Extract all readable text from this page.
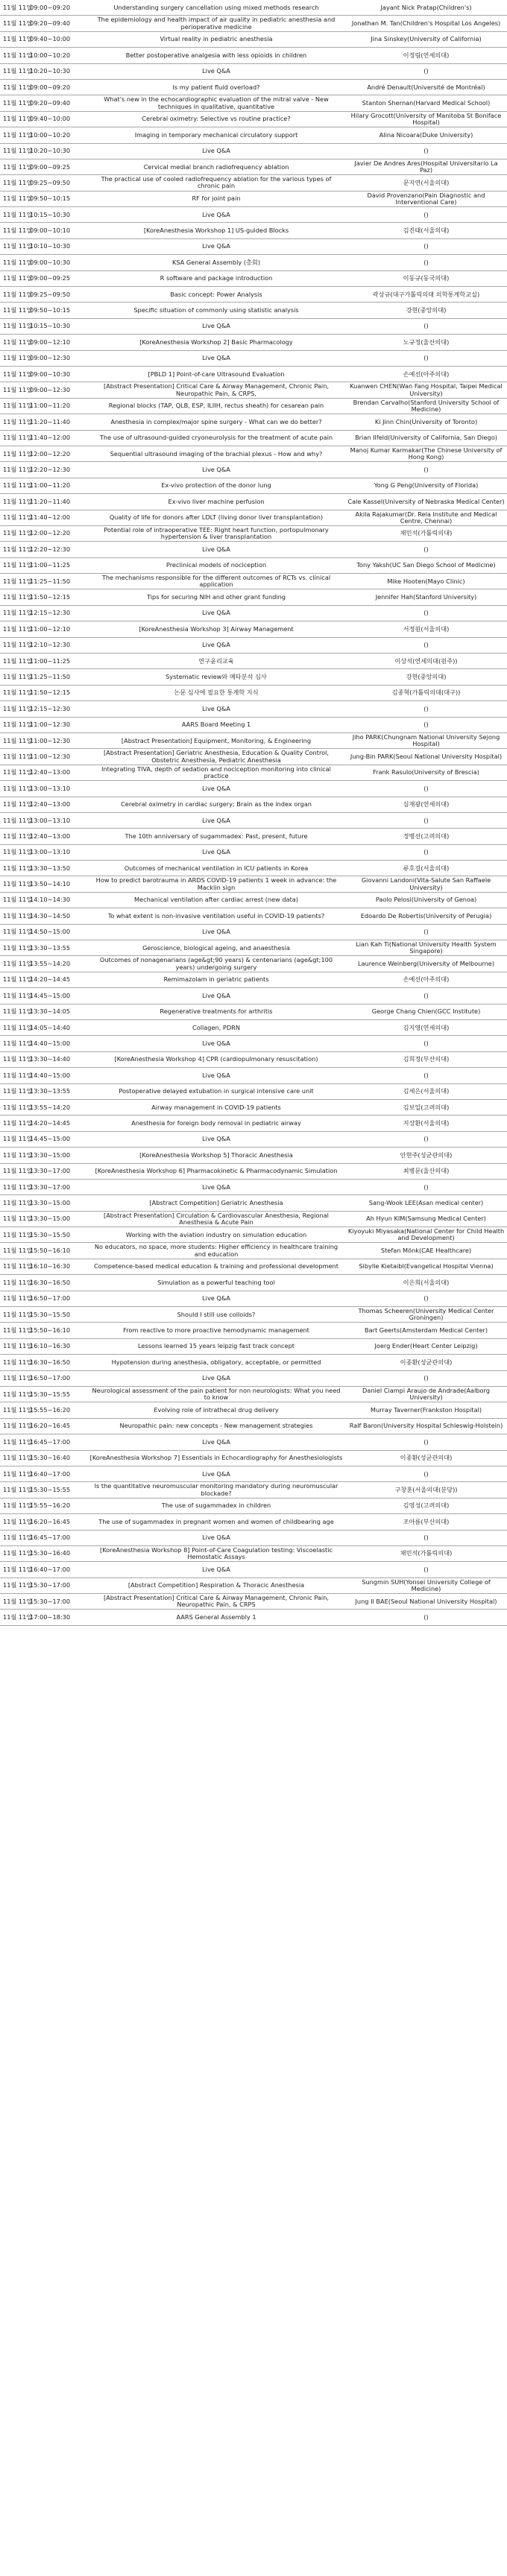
11월 11일	09:00~09:20	Understanding surgery cancellation using mixed methods research	Jayant Nick Pratap(Children's)
11월 11일	09:20~09:40	The epidemiology and health impact of air quality in pediatric anesthesia and perioperative medicine	Jonathan M. Tan(Children's Hospital Los Angeles)
11월 11일	09:40~10:00	Virtual reality in pediatric anesthesia	Jina Sinskey(University of California)
11월 11일	10:00~10:20	Better postoperative analgesia with less opioids in children	이정림(연세의대)
11월 11일	10:20~10:30	Live Q&A	()
11월 11일	09:00~09:20	Is my patient fluid overload?	André Denault(Université de Montréal)
11월 11일	09:20~09:40	What's new in the echocardiographic evaluation of the mitral valve - New techniques in qualitative, quantitative	Stanton Shernan(Harvard Medical School)
11월 11일	09:40~10:00	Cerebral oximetry: Selective vs routine practice?	Hilary Grocott(University of Manitoba St Boniface Hospital)
11월 11일	10:00~10:20	Imaging in temporary mechanical circulatory support	Alina Nicoara(Duke University)
11월 11일	10:20~10:30	Live Q&A	()
11월 11일	09:00~09:25	Cervical medial branch radiofrequency ablation	Javier De Andres Ares(Hospital Universitario La Paz)
11월 11일	09:25~09:50	The practical use of cooled radiofrequency ablation for the various types of chronic pain	문지연(서울의대)
11월 11일	09:50~10:15	RF for joint pain	David Provenzano(Pain Diagnostic and Interventional Care)
11월 11일	10:15~10:30	Live Q&A	()
11월 11일	09:00~10:10	[KoreAnesthesia Workshop 1] US-guided Blocks	김진태(서울의대)
11월 11일	10:10~10:30	Live Q&A	()
11월 11일	09:00~10:30	KSA General Assembly (총회)	()
11월 11일	09:00~09:25	R software and package introduction	이동규(동국의대)
11월 11일	09:25~09:50	Basic concept: Power Analysis	곽상규(대구가톨릭의대 의학통계학교실)
11월 11일	09:50~10:15	Specific situation of commonly using statistic analysis	강현(중앙의대)
11월 11일	10:15~10:30	Live Q&A	()
11월 11일	09:00~12:10	[KoreAnesthesia Workshop 2] Basic Pharmacology	노규정(울산의대)
11월 11일	09:00~12:30	Live Q&A	()
11월 11일	09:00~10:30	[PBLD 1] Point-of-care Ultrasound Evaluation	손예선(아주의대)
11월 11일	09:00~12:30	[Abstract Presentation] Critical Care & Airway Management, Chronic Pain, Neuropathic Pain, & CRPS,	Kuanwen CHEN(Wan Fang Hospital, Taipei Medical University)
11월 11일	11:00~11:20	Regional blocks (TAP, QLB, ESP, ILIIH, rectus sheath) for cesarean pain	Brendan Carvalho(Stanford University School of Medicine)
11월 11일	11:20~11:40	Anesthesia in complex/major spine surgery - What can we do better?	Ki Jinn Chin(University of Toronto)
11월 11일	11:40~12:00	The use of ultrasound-guided cryoneurolysis for the treatment of acute pain	Brian Ilfeld(University of California, San Diego)
11월 11일	12:00~12:20	Sequential ultrasound imaging of the brachial plexus - How and why?	Manoj Kumar Karmakar(The Chinese University of Hong Kong)
11월 11일	12:20~12:30	Live Q&A	()
11월 11일	11:00~11:20	Ex-vivo protection of the donor lung	Yong G Peng(University of Florida)
11월 11일	11:20~11:40	Ex-vivo liver machine perfusion	Cale Kassel(University of Nebraska Medical Center)
11월 11일	11:40~12:00	Quality of life for donors after LDLT (living donor liver transplantation)	Akila Rajakumar(Dr. Rela Institute and Medical Centre, Chennai)
11월 11일	12:00~12:20	Potential role of intraoperative TEE: Right heart function, portopulmonary hypertension & liver transplantation	채민석(가톨릭의대)
11월 11일	12:20~12:30	Live Q&A	()
11월 11일	11:00~11:25	Preclinical models of nociception	Tony Yaksh(UC San Diego School of Medicine)
11월 11일	11:25~11:50	The mechanisms responsible for the different outcomes of RCTs vs. clinical application	Mike Hooten(Mayo Clinic)
11월 11일	11:50~12:15	Tips for securing NIH and other grant funding	Jennifer Hah(Stanford University)
11월 11일	12:15~12:30	Live Q&A	()
11월 11일	11:00~12:10	[KoreAnesthesia Workshop 3] Airway Management	서정원(서울의대)
11월 11일	12:10~12:30	Live Q&A	()
11월 11일	11:00~11:25	연구윤리교육	이상석(연세의대(원주))
11월 11일	11:25~11:50	Systematic review와 메타분석 심사	강현(중앙의대)
11월 11일	11:50~12:15	논문 심사에 필요한 통계학 지식	김종혁(가톨릭의대(대구))
11월 11일	12:15~12:30	Live Q&A	()
11월 11일	11:00~12:30	AARS Board Meeting 1	()
11월 11일	11:00~12:30	[Abstract Presentation] Equipment, Monitoring, & Engineering	Jiho PARK(Chungnam National University Sejong Hospital)
11월 11일	11:00~12:30	[Abstract Presentation] Geriatric Anesthesia, Education & Quality Control, Obstetric Anesthesia, Pediatric Anesthesia	Jung-Bin PARK(Seoul National University Hospital)
11월 11일	12:40~13:00	Integrating TIVA, depth of sedation and nociception monitoring into clinical practice	Frank Rasulo(University of Brescia)
11월 11일	13:00~13:10	Live Q&A	()
11월 11일	12:40~13:00	Cerebral oximetry in cardiac surgery; Brain as the index organ	심재광(연세의대)
11월 11일	13:00~13:10	Live Q&A	()
11월 11일	12:40~13:00	The 10th anniversary of sugammadex: Past, present, future	정병선(고려의대)
11월 11일	13:00~13:10	Live Q&A	()
11월 11일	13:30~13:50	Outcomes of mechanical ventilation in ICU patients in Korea	류호걸(서울의대)
11월 11일	13:50~14:10	How to predict barotrauma in ARDS COVID-19 patients 1 week in advance: the Macklin sign	Giovanni Landoni(Vita-Salute San Raffaele University)
11월 11일	14:10~14:30	Mechanical ventilation after cardiac arrest (new data)	Paolo Pelosi(University of Genoa)
11월 11일	14:30~14:50	To what extent is non-invasive ventilation useful in COVID-19 patients?	Edoardo De Robertis(University of Perugia)
11월 11일	14:50~15:00	Live Q&A	()
11월 11일	13:30~13:55	Geroscience, biological ageing, and anaesthesia	Lian Kah Ti(National University Health System Singapore)
11월 11일	13:55~14:20	Outcomes of nonagenarians (age&gt;90 years) & centenarians (age&gt;100 years) undergoing surgery	Laurence Weinberg(University of Melbourne)
11월 11일	14:20~14:45	Remimazolam in geriatric patients	손예선(아주의대)
11월 11일	14:45~15:00	Live Q&A	()
11월 11일	13:30~14:05	Regenerative treatments for arthritis	George Chang Chien(GCC Institute)
11월 11일	14:05~14:40	Collagen, PDRN	김지영(연세의대)
11월 11일	14:40~15:00	Live Q&A	()
11월 11일	13:30~14:40	[KoreAnesthesia Workshop 4] CPR (cardiopulmonary resuscitation)	김희정(부산의대)
11월 11일	14:40~15:00	Live Q&A	()
11월 11일	13:30~13:55	Postoperative delayed extubation in surgical intensive care unit	김세은(서울의대)
11월 11일	13:55~14:20	Airway management in COVID-19 patients	김보일(고려의대)
11월 11일	14:20~14:45	Anesthesia for foreign body removal in pediatric airway	지상환(서울의대)
11월 11일	14:45~15:00	Live Q&A	()
11월 11일	13:30~15:00	[KoreAnesthesia Workshop 5] Thoracic Anesthesia	안현주(성균관의대)
11월 11일	13:30~17:00	[KoreAnesthesia Workshop 6] Pharmacokinetic & Pharmacodynamic Simulation	최병문(울산의대)
11월 11일	13:30~17:00	Live Q&A	()
11월 11일	13:30~15:00	[Abstract Competition] Geriatric Anesthesia	Sang-Wook LEE(Asan medical center)
11월 11일	13:30~15:00	[Abstract Presentation] Circulation & Cardiovascular Anesthesia, Regional Anesthesia & Acute Pain	Ah Hyun KIM(Samsung Medical Center)
11월 11일	15:30~15:50	Working with the aviation industry on simulation education	Kiyoyuki Miyasaka(National Center for Child Health and Development)
11월 11일	15:50~16:10	No educators, no space, more students: Higher efficiency in healthcare training and education	Stefan Mönk(CAE Healthcare)
11월 11일	16:10~16:30	Competence-based medical education & training and professional development	Sibylle Kietaibl(Evangelical Hospital Vienna)
11월 11일	16:30~16:50	Simulation as a powerful teaching tool	이은희(서울의대)
11월 11일	16:50~17:00	Live Q&A	()
11월 11일	15:30~15:50	Should I still use colloids?	Thomas Scheeren(University Medical Center Groningen)
11월 11일	15:50~16:10	From reactive to more proactive hemodynamic management	Bart Geerts(Amsterdam Medical Center)
11월 11일	16:10~16:30	Lessons learned 15 years leipzig fast track concept	Joerg Ender(Heart Center Leipzig)
11월 11일	16:30~16:50	Hypotension during anesthesia, obligatory, acceptable, or permitted	이종환(성균관의대)
11월 11일	16:50~17:00	Live Q&A	()
11월 11일	15:30~15:55	Neurological assessment of the pain patient for non neurologists: What you need to know	Daniel Ciampi Araujo de Andrade(Aalborg University)
11월 11일	15:55~16:20	Evolving role of intrathecal drug delivery	Murray Taverner(Frankston Hospital)
11월 11일	16:20~16:45	Neuropathic pain: new concepts - New management strategies	Ralf Baron(University Hospital Schleswig-Holstein)
11월 11일	16:45~17:00	Live Q&A	()
11월 11일	15:30~16:40	[KoreAnesthesia Workshop 7] Essentials in Echocardiography for Anesthesiologists	이종환(성균관의대)
11월 11일	16:40~17:00	Live Q&A	()
11월 11일	15:30~15:55	Is the quantitative neuromuscular monitoring mandatory during neuromuscular blockade?	구창훈(서울의대(분당))
11월 11일	15:55~16:20	The use of sugammadex in children	김영성(고려의대)
11월 11일	16:20~16:45	The use of sugammadex in pregnant women and women of childbearing age	조아름(부산의대)
11월 11일	16:45~17:00	Live Q&A	()
11월 11일	15:30~16:40	[KoreAnesthesia Workshop 8] Point-of-Care Coagulation testing: Viscoelastic Hemostatic Assays	채민석(가톨릭의대)
11월 11일	16:40~17:00	Live Q&A	()
11월 11일	15:30~17:00	[Abstract Competition] Respiration & Thoracic Anesthesia	Sungmin SUH(Yonsei University College of Medicine)
11월 11일	15:30~17:00	[Abstract Presentation] Critical Care & Airway Management, Chronic Pain, Neuropathic Pain, & CRPS	Jung Il BAE(Seoul National University Hospital)
11월 11일	17:00~18:30	AARS General Assembly 1	()
